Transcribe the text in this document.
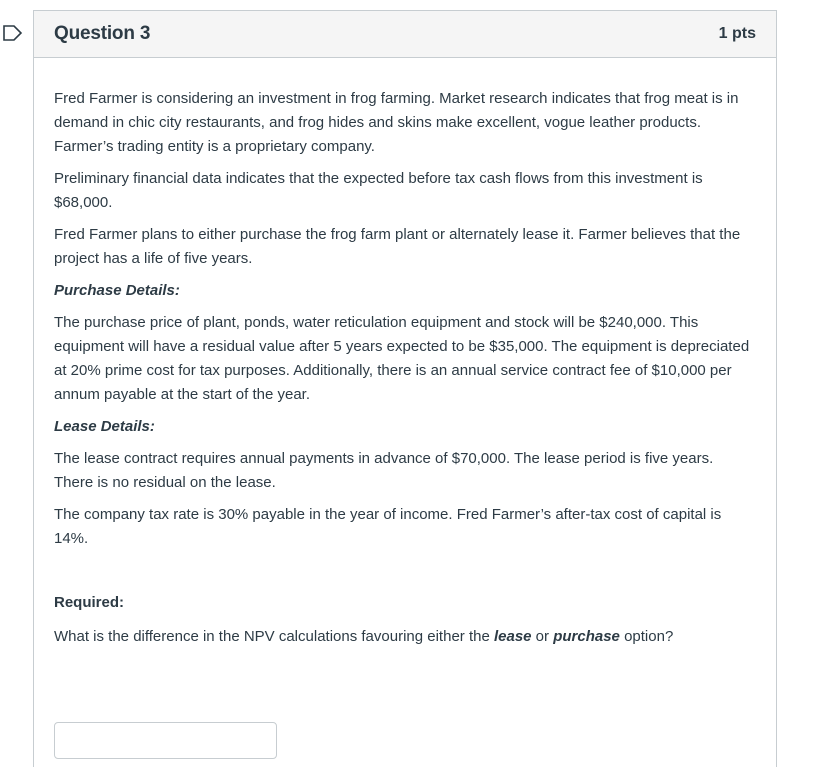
Question 3	1 pts

Fred Farmer is considering an investment in frog farming. Market research indicates that frog meat is in demand in chic city restaurants, and frog hides and skins make excellent, vogue leather products. Farmer’s trading entity is a proprietary company.

Preliminary financial data indicates that the expected before tax cash flows from this investment is $68,000.

Fred Farmer plans to either purchase the frog farm plant or alternately lease it. Farmer believes that the project has a life of five years.

Purchase Details:

The purchase price of plant, ponds, water reticulation equipment and stock will be $240,000. This equipment will have a residual value after 5 years expected to be $35,000. The equipment is depreciated at 20% prime cost for tax purposes. Additionally, there is an annual service contract fee of $10,000 per annum payable at the start of the year.

Lease Details:

The lease contract requires annual payments in advance of $70,000. The lease period is five years. There is no residual on the lease.

The company tax rate is 30% payable in the year of income. Fred Farmer’s after-tax cost of capital is 14%.

Required:

What is the difference in the NPV calculations favouring either the lease or purchase option?
